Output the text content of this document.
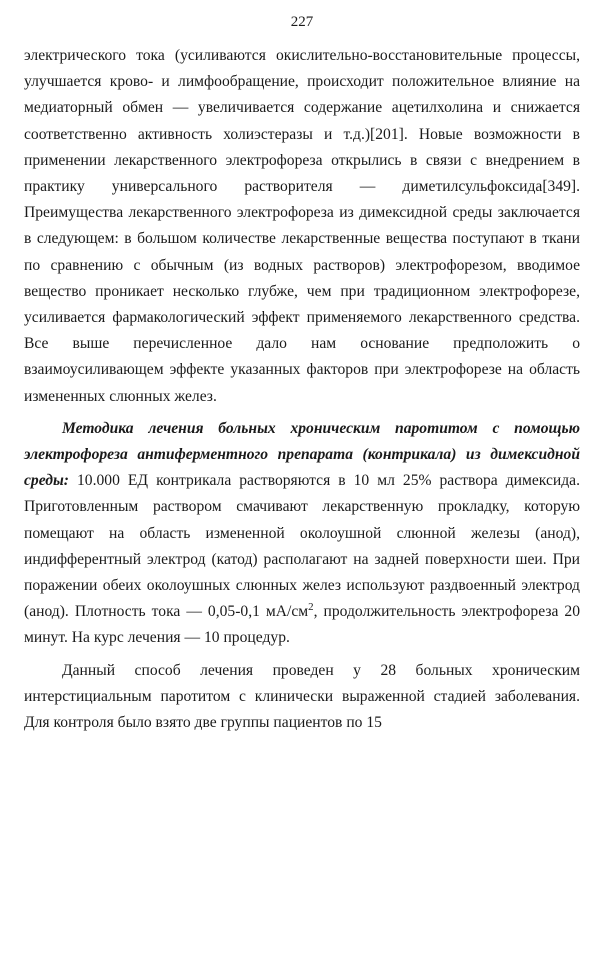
227

электрического тока (усиливаются окислительно-восстановительные процессы, улучшается крово- и лимфообращение, происходит положительное влияние на медиаторный обмен — увеличивается содержание ацетилхолина и снижается соответственно активность холиэстеразы и т.д.)[201]. Новые возможности в применении лекарственного электрофореза открылись в связи с внедрением в практику универсального растворителя — диметилсульфоксида[349]. Преимущества лекарственного электрофореза из димексидной среды заключается в следующем: в большом количестве лекарственные вещества поступают в ткани по сравнению с обычным (из водных растворов) электрофорезом, вводимое вещество проникает несколько глубже, чем при традиционном электрофорезе, усиливается фармакологический эффект применяемого лекарственного средства. Все выше перечисленное дало нам основание предположить о взаимоусиливающем эффекте указанных факторов при электрофорезе на область измененных слюнных желез.

Методика лечения больных хроническим паротитом с помощью электрофореза антиферментного препарата (контрикала) из димексидной среды: 10.000 ЕД контрикала растворяются в 10 мл 25% раствора димексида. Приготовленным раствором смачивают лекарственную прокладку, которую помещают на область измененной околоушной слюнной железы (анод), индифферентный электрод (катод) располагают на задней поверхности шеи. При поражении обеих околоушных слюнных желез используют раздвоенный электрод (анод). Плотность тока — 0,05-0,1 $мА/см^2$, продолжительность электрофореза 20 минут. На курс лечения — 10 процедур.

Данный способ лечения проведен у 28 больных хроническим интерстициальным паротитом с клинически выраженной стадией заболевания. Для контроля было взято две группы пациентов по 15
